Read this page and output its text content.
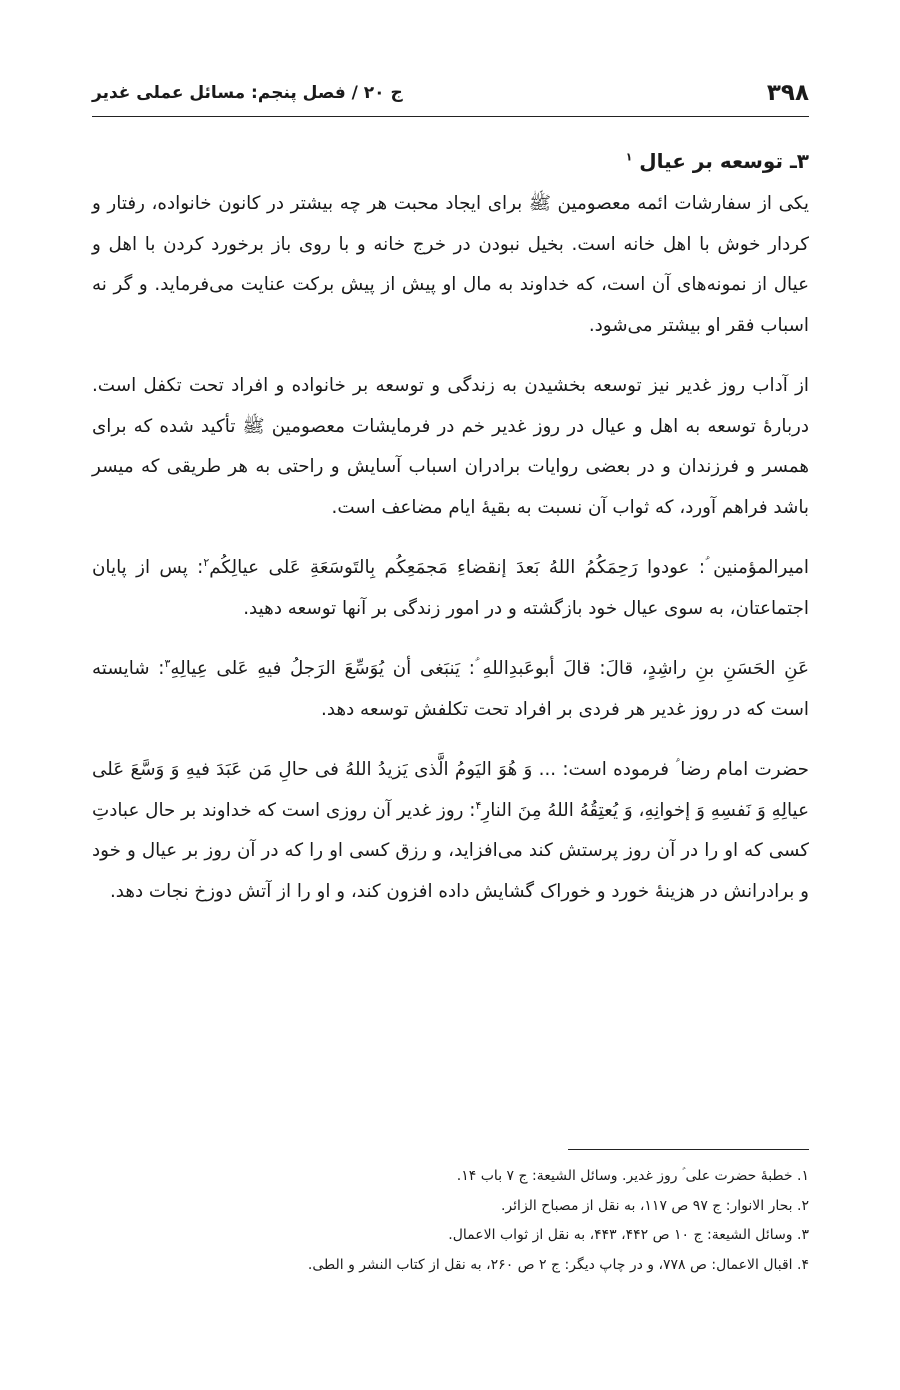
۳۹۸
ج ۲۰ / فصل پنجم: مسائل عملی غدیر
۳ـ توسعه بر عیال $^۱$

یکی از سفارشات ائمه معصومین ﷺ برای ایجاد محبت هر چه بیشتر در کانون خانواده، رفتار و کردار خوش با اهل خانه است. بخیل نبودن در خرج خانه و با روی باز برخورد کردن با اهل و عیال از نمونه‌های آن است، که خداوند به مال او پیش از پیش برکت عنایت می‌فرماید. و گر نه اسباب فقر او بیشتر می‌شود.

از آداب روز غدیر نیز توسعه بخشیدن به زندگی و توسعه بر خانواده و افراد تحت تکفل است. دربارهٔ توسعه به اهل و عیال در روز غدیر خم در فرمایشات معصومین ﷺ تأکید شده که برای همسر و فرزندان و در بعضی روایات برادران اسباب آسایش و راحتی به هر طریقی که میسر باشد فراهم آورد، که ثواب آن نسبت به بقیهٔ ایام مضاعف است.

امیرالمؤمنین ؑ: عودوا رَحِمَكُمُ اللهُ بَعدَ إنقضاءِ مَجمَعِكُم بِالتَوسَعَةِ عَلى عيالِكُم$^۲$: پس از پایان اجتماعتان، به سوی عیال خود بازگشته و در امور زندگی بر آنها توسعه دهید.

عَنِ الحَسَنِ بنِ راشِدٍ، قالَ: قالَ أبوعَبدِاللهِ ؑ: يَنبَغى أن يُوَسِّعَ الرَجلُ فيهِ عَلى عِيالِهِ$^۳$: شایسته است که در روز غدیر هر فردی بر افراد تحت تکلفش توسعه دهد.

حضرت امام رضا ؑ فرموده است: ... وَ هُوَ اليَومُ الَّذى يَزيدُ اللهُ فى حالِ مَن عَبَدَ فيهِ وَ وَسَّعَ عَلى عيالِهِ وَ نَفسِهِ وَ إخوانِهِ، وَ يُعتِقُهُ اللهُ مِنَ النارِ$^۴$: روز غدیر آن روزی است که خداوند بر حال عبادتِ کسی که او را در آن روز پرستش کند می‌افزاید، و رزق کسی او را که در آن روز بر عیال و خود و برادرانش در هزینهٔ خورد و خوراک گشایش داده افزون کند، و او را از آتش دوزخ نجات دهد.

۱. خطبهٔ حضرت علی ؑ روز غدیر. وسائل الشیعة: ج ۷ باب ۱۴.

۲. بحار الانوار: ج ۹۷ ص ۱۱۷، به نقل از مصباح الزائر.

۳. وسائل الشیعة: ج ۱۰ ص ۴۴۲، ۴۴۳، به نقل از ثواب الاعمال.

۴. اقبال الاعمال: ص ۷۷۸، و در چاپ دیگر: ج ۲ ص ۲۶۰، به نقل از کتاب النشر و الطی.
